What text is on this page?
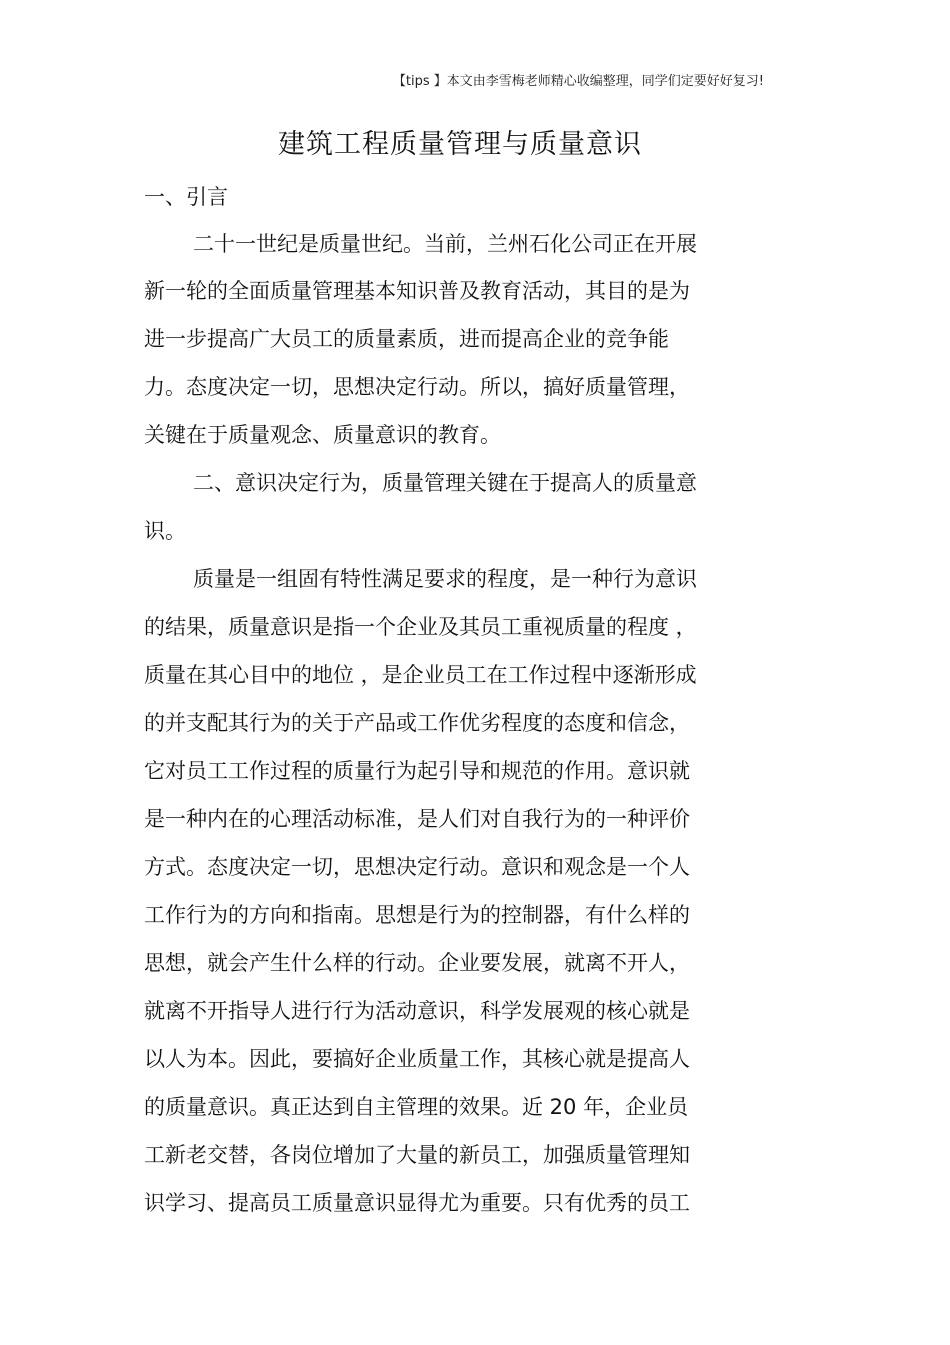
【tips 】本文由李雪梅老师精心收编整理，同学们定要好好复习!
建筑工程质量管理与质量意识
一、引言
二十一世纪是质量世纪。当前，兰州石化公司正在开展
新一轮的全面质量管理基本知识普及教育活动，其目的是为
进一步提高广大员工的质量素质，进而提高企业的竞争能
力。态度决定一切，思想决定行动。所以，搞好质量管理，
关键在于质量观念、质量意识的教育。
二、意识决定行为，质量管理关键在于提高人的质量意
识。
质量是一组固有特性满足要求的程度，是一种行为意识
的结果，质量意识是指一个企业及其员工重视质量的程度 ，
质量在其心目中的地位 ，是企业员工在工作过程中逐渐形成
的并支配其行为的关于产品或工作优劣程度的态度和信念，
它对员工工作过程的质量行为起引导和规范的作用。意识就
是一种内在的心理活动标准，是人们对自我行为的一种评价
方式。态度决定一切，思想决定行动。意识和观念是一个人
工作行为的方向和指南。思想是行为的控制器，有什么样的
思想，就会产生什么样的行动。企业要发展，就离不开人，
就离不开指导人进行行为活动意识，科学发展观的核心就是
以人为本。因此，要搞好企业质量工作，其核心就是提高人
的质量意识。真正达到自主管理的效果。近 20 年，企业员
工新老交替，各岗位增加了大量的新员工，加强质量管理知
识学习、提高员工质量意识显得尤为重要。只有优秀的员工
